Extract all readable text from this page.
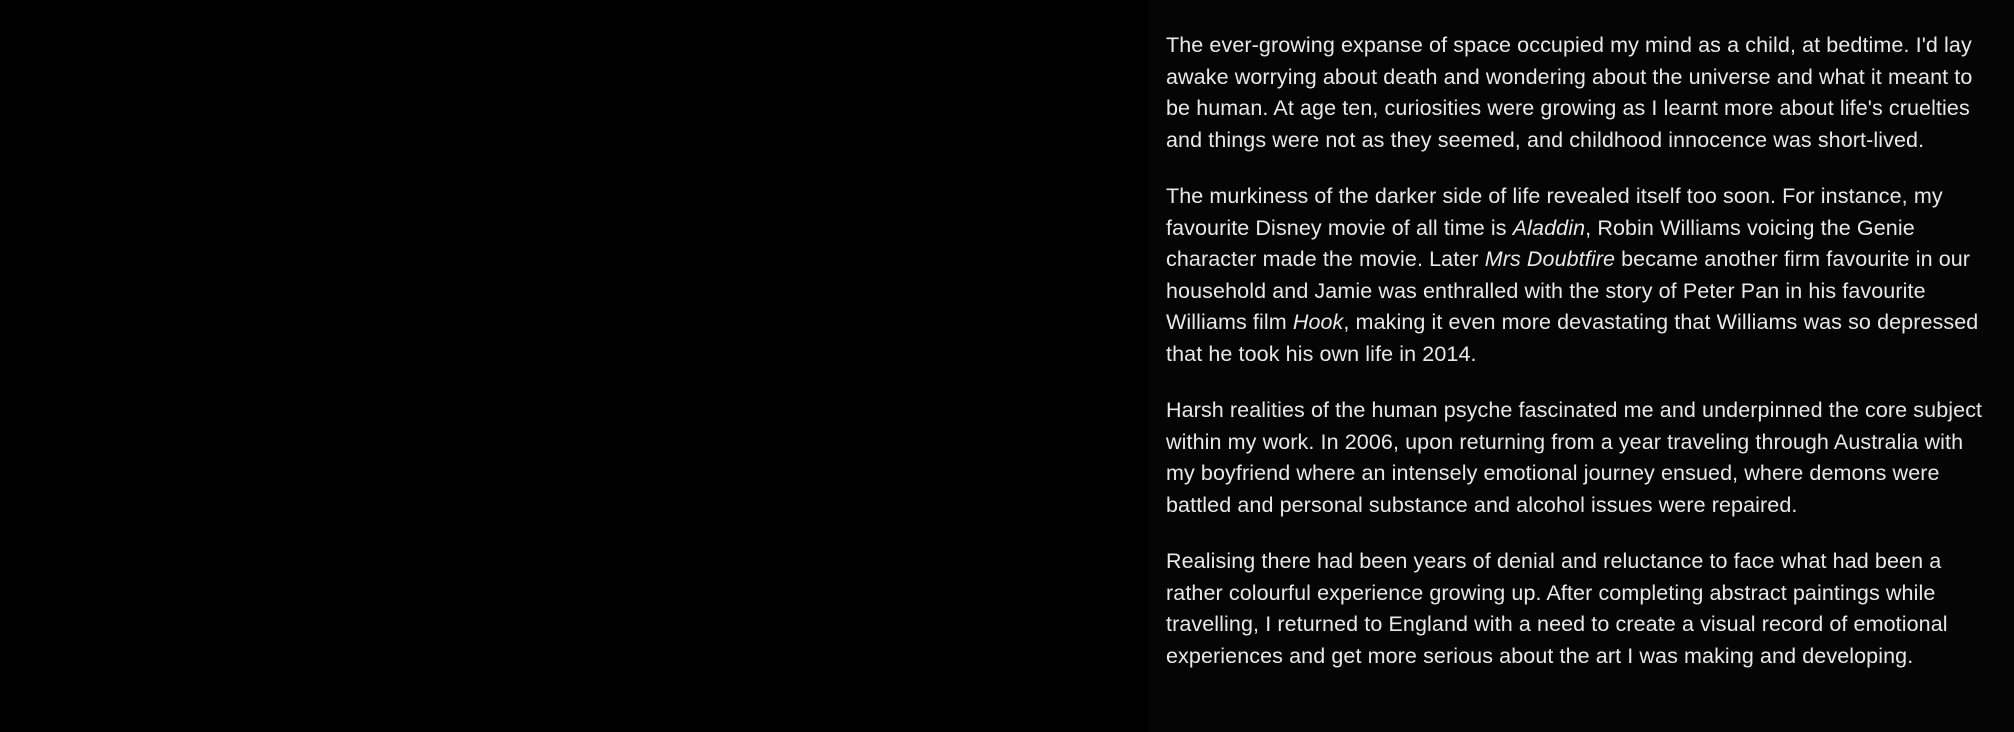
The ever-growing expanse of space occupied my mind as a child, at bedtime. I'd lay awake worrying about death and wondering about the universe and what it meant to be human. At age ten, curiosities were growing as I learnt more about life's cruelties and things were not as they seemed, and childhood innocence was short-lived.

The murkiness of the darker side of life revealed itself too soon. For instance, my favourite Disney movie of all time is Aladdin, Robin Williams voicing the Genie character made the movie. Later Mrs Doubtfire became another firm favourite in our household and Jamie was enthralled with the story of Peter Pan in his favourite Williams film Hook, making it even more devastating that Williams was so depressed that he took his own life in 2014.

Harsh realities of the human psyche fascinated me and underpinned the core subject within my work. In 2006, upon returning from a year traveling through Australia with my boyfriend where an intensely emotional journey ensued, where demons were battled and personal substance and alcohol issues were repaired.

Realising there had been years of denial and reluctance to face what had been a rather colourful experience growing up. After completing abstract paintings while travelling, I returned to England with a need to create a visual record of emotional experiences and get more serious about the art I was making and developing.
